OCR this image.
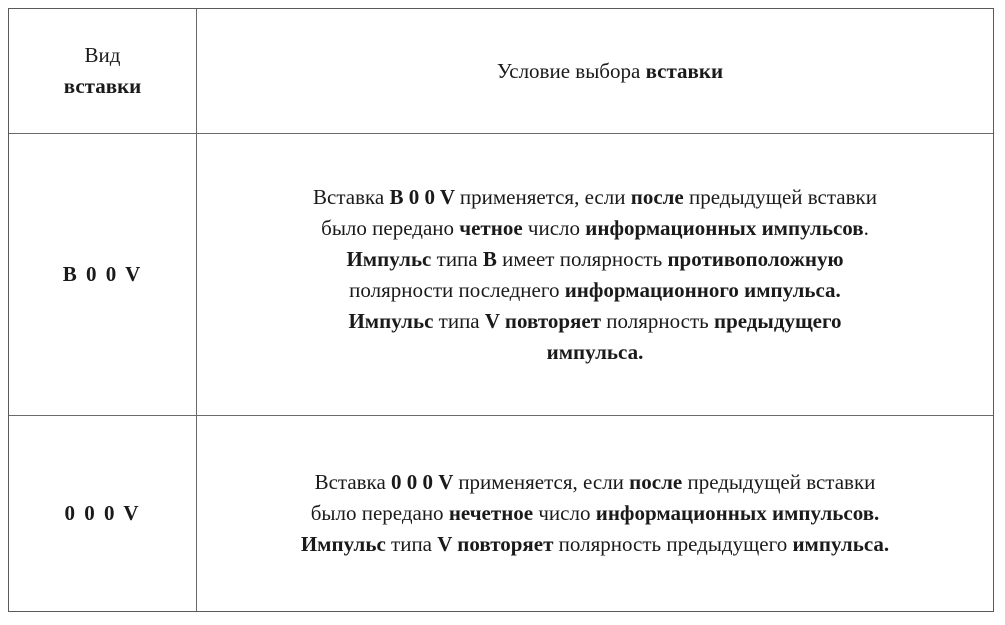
Вид
вставки
Условие выбора вставки
B 0 0 V
Вставка B 0 0 V применяется, если после предыдущей вставки
было передано четное число информационных импульсов.
Импульс типа B имеет полярность противоположную
полярности последнего информационного импульса.
Импульс типа V повторяет полярность предыдущего
импульса.
0 0 0 V
Вставка 0 0 0 V применяется, если после предыдущей вставки
было передано нечетное число информационных импульсов.
Импульс типа V повторяет полярность предыдущего импульса.
